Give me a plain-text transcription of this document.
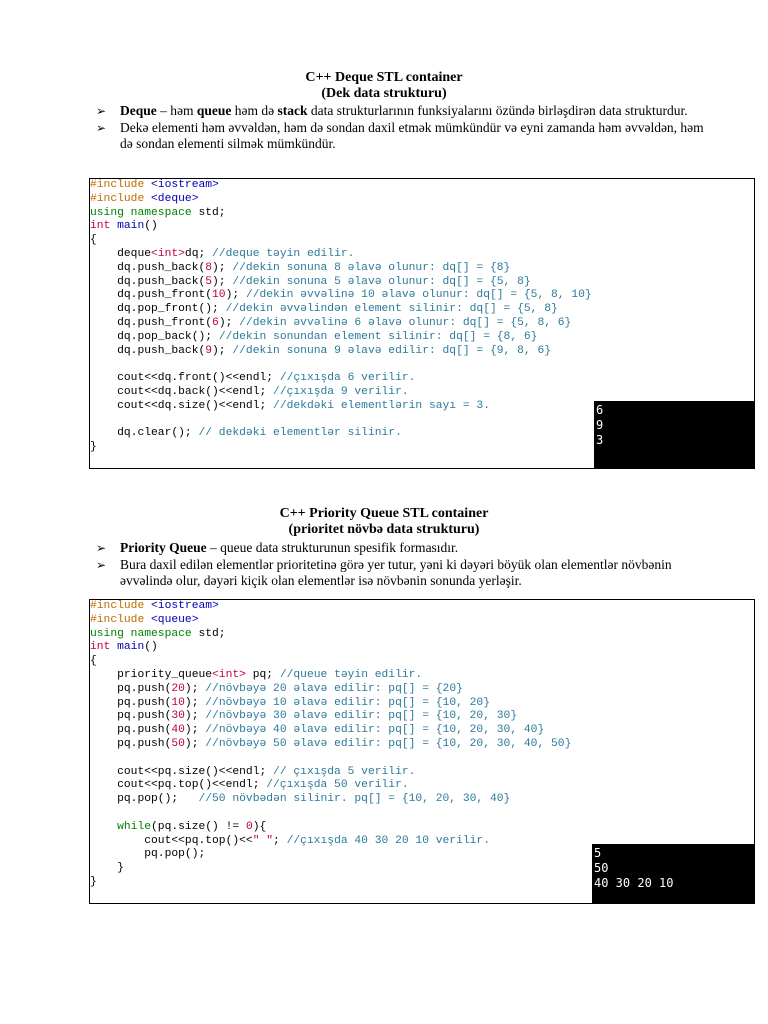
C++ Deque STL container
(Dek data strukturu)
➢ Deque – həm queue həm də stack data strukturlarının funksiyalarını özündə birləşdirən data strukturdur.
➢ Dekə elementi həm əvvəldən, həm də sondan daxil etmək mümkündür və eyni zamanda həm əvvəldən, həm də sondan elementi silmək mümkündür.
#include <iostream>
#include <deque>
using namespace std;
int main()
{
deque<int>dq; //deque təyin edilir.
dq.push_back(8); //dekin sonuna 8 əlavə olunur: dq[] = {8}
dq.push_back(5); //dekin sonuna 5 əlavə olunur: dq[] = {5, 8}
dq.push_front(10); //dekin əvvəlinə 10 əlavə olunur: dq[] = {5, 8, 10}
dq.pop_front(); //dekin əvvəlindən element silinir: dq[] = {5, 8}
dq.push_front(6); //dekin əvvəlinə 6 əlavə olunur: dq[] = {5, 8, 6}
dq.pop_back(); //dekin sonundan element silinir: dq[] = {8, 6}
dq.push_back(9); //dekin sonuna 9 əlavə edilir: dq[] = {9, 8, 6}

cout<<dq.front()<<endl; //çıxışda 6 verilir.
cout<<dq.back()<<endl; //çıxışda 9 verilir.
cout<<dq.size()<<endl; //dekdəki elementlərin sayı = 3.

dq.clear(); // dekdəki elementlər silinir.
}
6
9
3
C++ Priority Queue STL container
(prioritet növbə data strukturu)
➢ Priority Queue – queue data strukturunun spesifik formasıdır.
➢ Bura daxil edilən elementlər prioritetinə görə yer tutur, yəni ki dəyəri böyük olan elementlər növbənin əvvəlində olur, dəyəri kiçik olan elementlər isə növbənin sonunda yerləşir.
#include <iostream>
#include <queue>
using namespace std;
int main()
{
priority_queue<int> pq; //queue təyin edilir.
pq.push(20); //növbəyə 20 əlavə edilir: pq[] = {20}
pq.push(10); //növbəyə 10 əlavə edilir: pq[] = {10, 20}
pq.push(30); //növbəyə 30 əlavə edilir: pq[] = {10, 20, 30}
pq.push(40); //növbəyə 40 əlavə edilir: pq[] = {10, 20, 30, 40}
pq.push(50); //növbəyə 50 əlavə edilir: pq[] = {10, 20, 30, 40, 50}

cout<<pq.size()<<endl; // çıxışda 5 verilir.
cout<<pq.top()<<endl; //çıxışda 50 verilir.
pq.pop();   //50 növbədən silinir. pq[] = {10, 20, 30, 40}

while(pq.size() != 0){
cout<<pq.top()<<" "; //çıxışda 40 30 20 10 verilir.
pq.pop();
}
}
5
50
40 30 20 10
